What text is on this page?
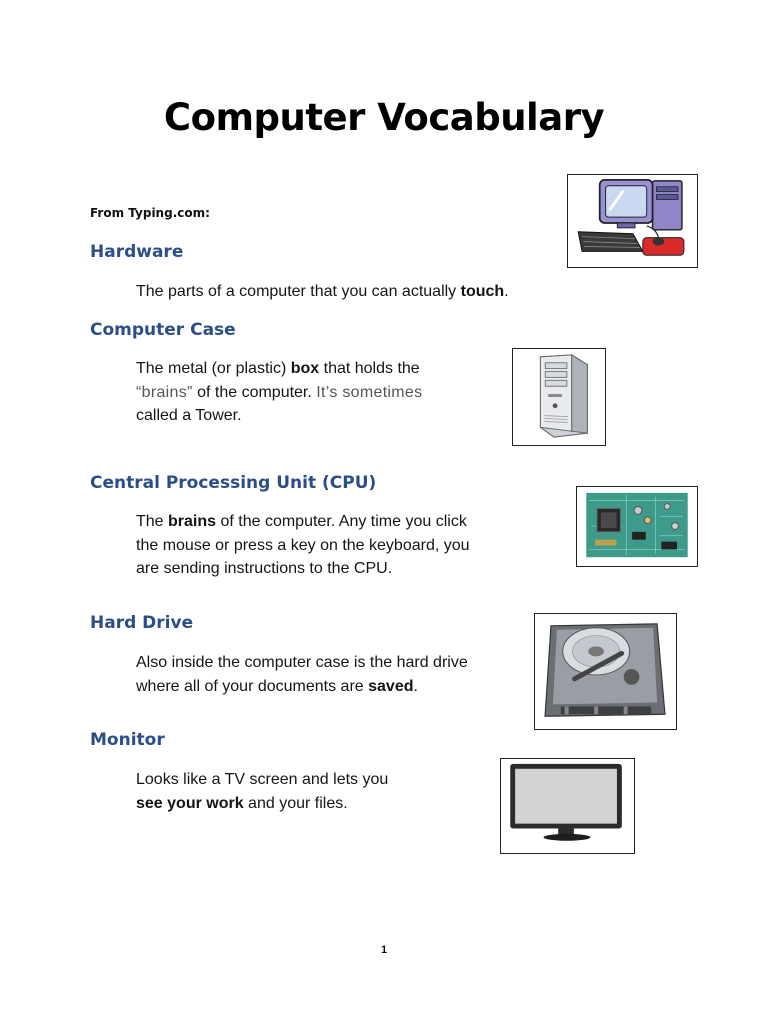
Computer Vocabulary
From Typing.com:
Hardware
The parts of a computer that you can actually touch.
Computer Case
The metal (or plastic) box that holds the
“brains” of the computer. It’s sometimes
called a Tower.
Central Processing Unit (CPU)
The brains of the computer. Any time you click
the mouse or press a key on the keyboard, you
are sending instructions to the CPU.
Hard Drive
Also inside the computer case is the hard drive
where all of your documents are saved.
Monitor
Looks like a TV screen and lets you
see your work and your files.
1
